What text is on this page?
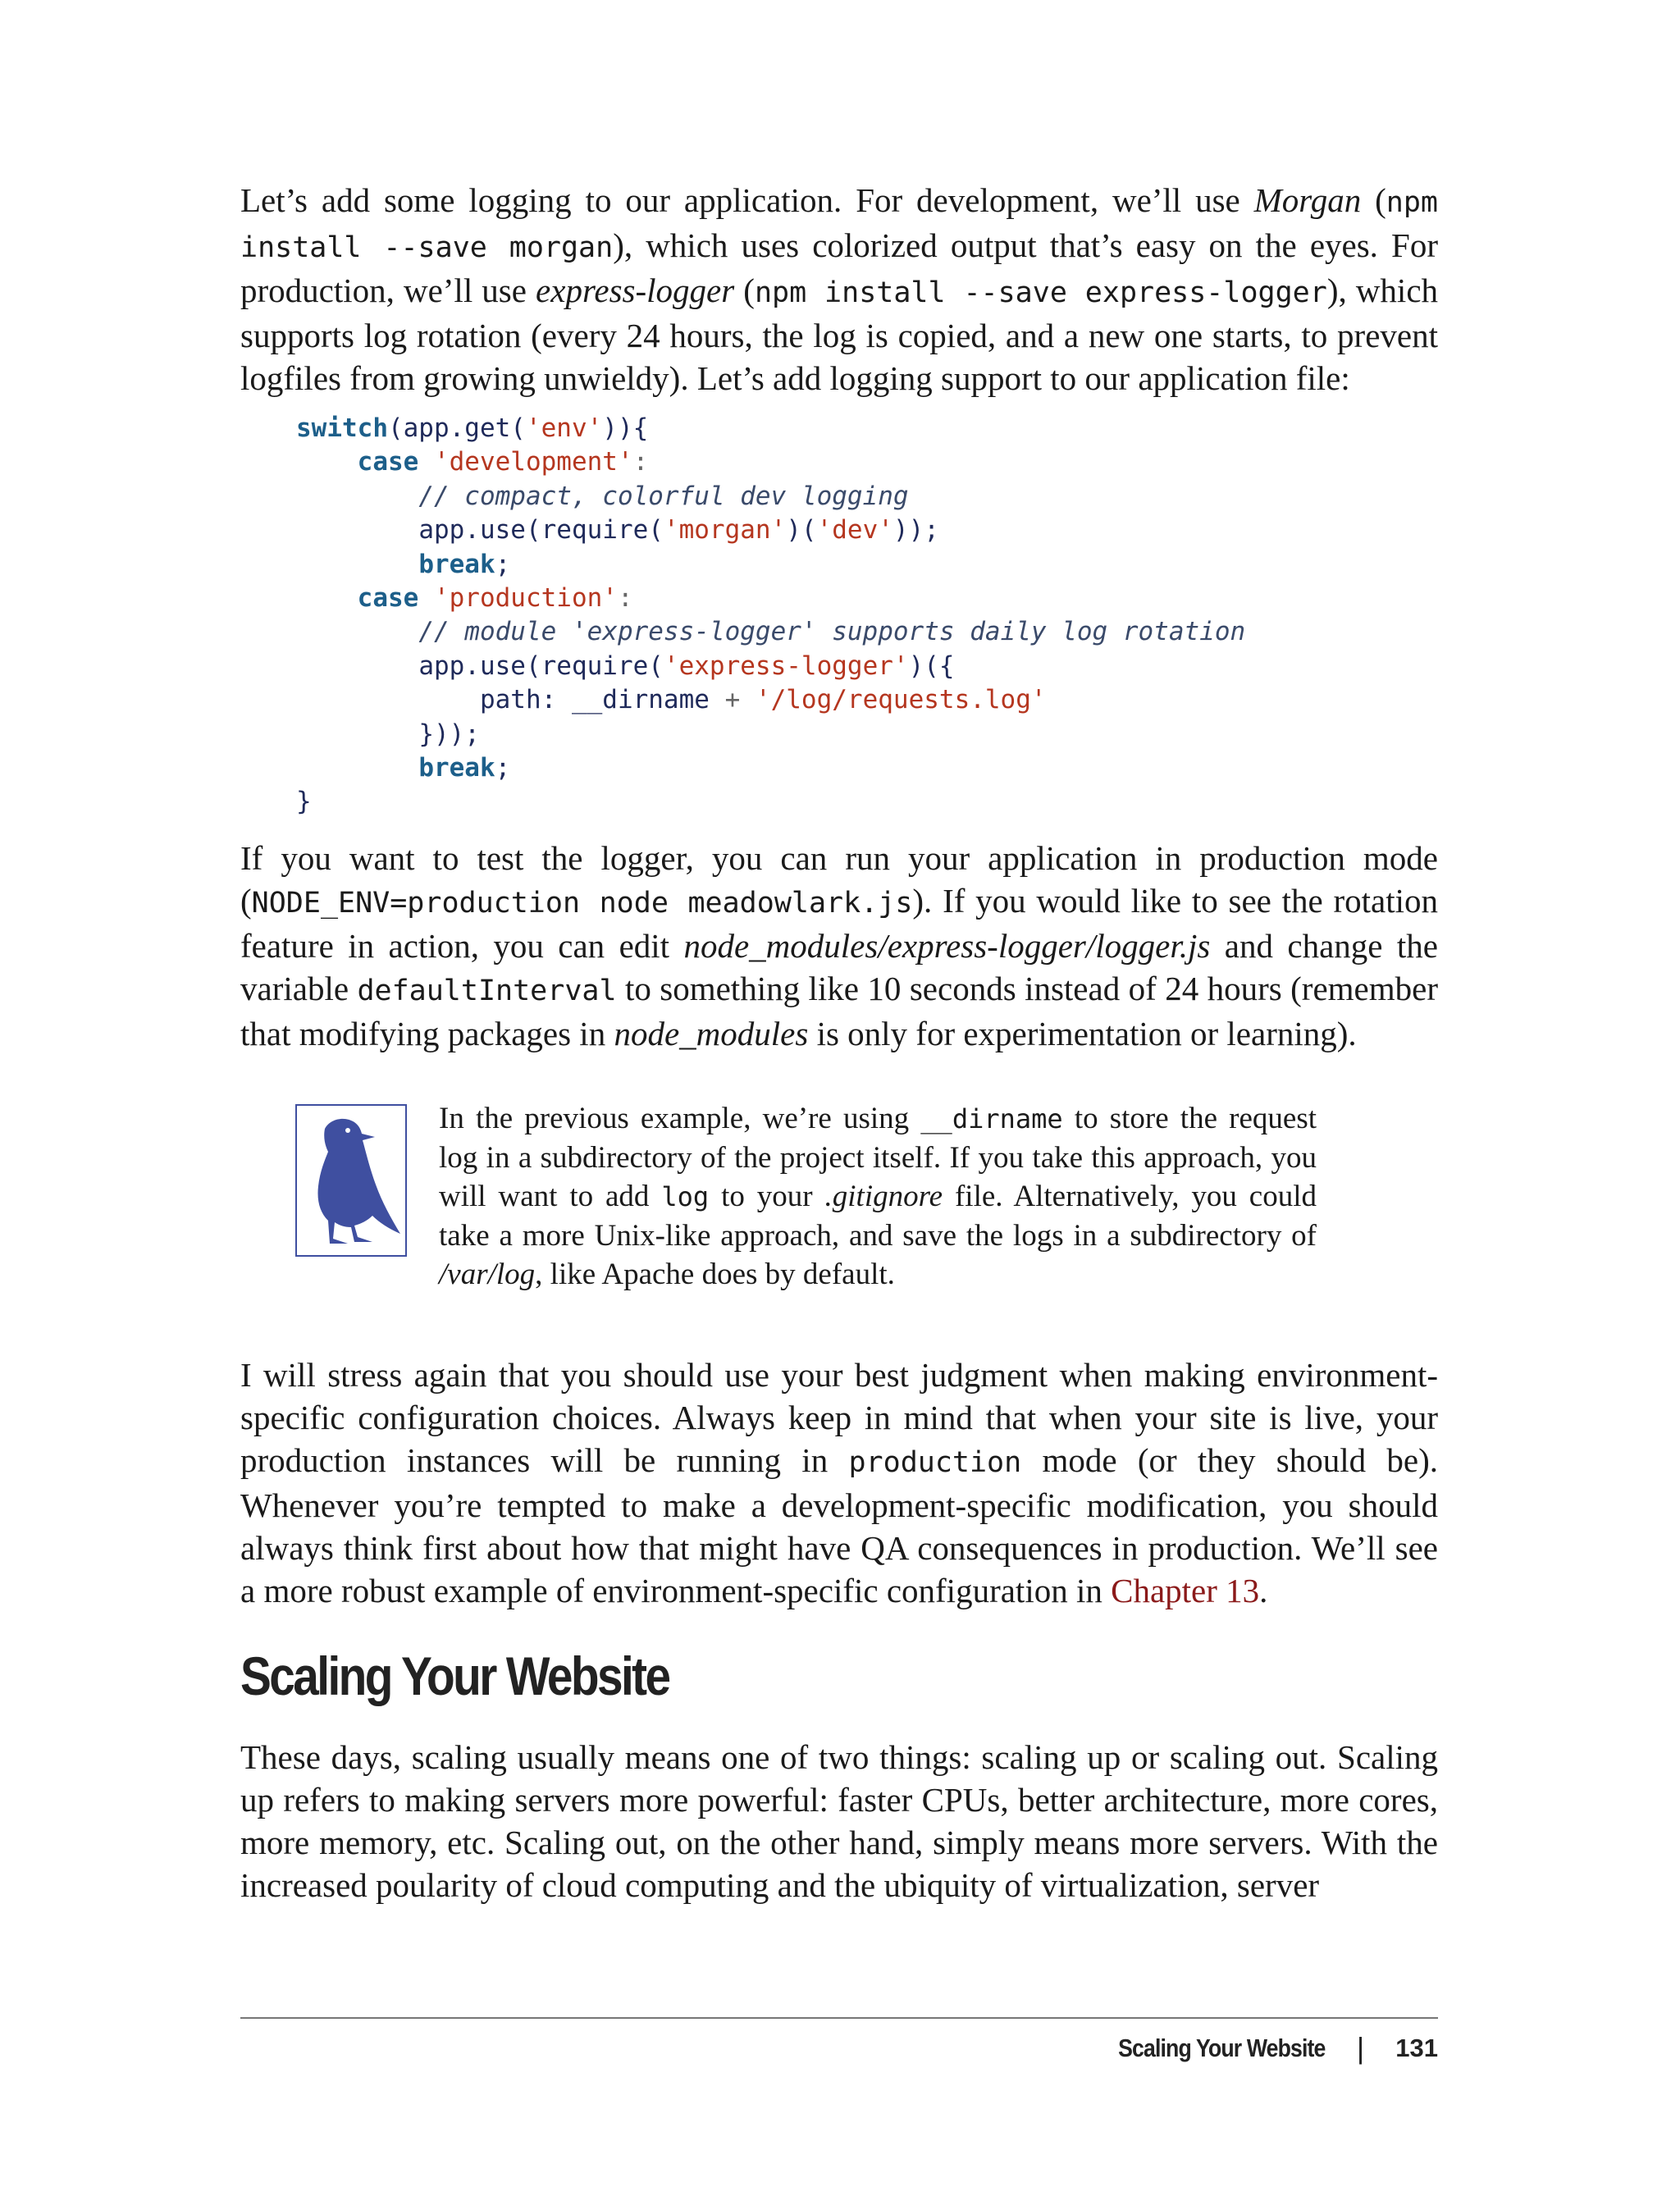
Let’s add some logging to our application. For development, we’ll use Morgan (npm install --save morgan), which uses colorized output that’s easy on the eyes. For production, we’ll use express-logger (npm install --save express-logger), which supports log rotation (every 24 hours, the log is copied, and a new one starts, to prevent logfiles from growing unwieldy). Let’s add logging support to our application file:

switch(app.get('env')){
case 'development':
// compact, colorful dev logging
app.use(require('morgan')('dev'));
break;
case 'production':
// module 'express-logger' supports daily log rotation
app.use(require('express-logger')({
path: __dirname + '/log/requests.log'
}));
break;
}

If you want to test the logger, you can run your application in production mode (NODE_ENV=production node meadowlark.js). If you would like to see the rotation feature in action, you can edit node_modules/express-logger/logger.js and change the variable defaultInterval to something like 10 seconds instead of 24 hours (remember that modifying packages in node_modules is only for experimentation or learning).

In the previous example, we’re using __dirname to store the request log in a subdirectory of the project itself. If you take this approach, you will want to add log to your .gitignore file. Alternatively, you could take a more Unix-like approach, and save the logs in a subdirectory of /var/log, like Apache does by default.

I will stress again that you should use your best judgment when making environment-specific configuration choices. Always keep in mind that when your site is live, your production instances will be running in production mode (or they should be). Whenever you’re tempted to make a development-specific modification, you should always think first about how that might have QA consequences in production. We’ll see a more robust example of environment-specific configuration in Chapter 13.

Scaling Your Website

These days, scaling usually means one of two things: scaling up or scaling out. Scaling up refers to making servers more powerful: faster CPUs, better architecture, more cores, more memory, etc. Scaling out, on the other hand, simply means more servers. With the increased poularity of cloud computing and the ubiquity of virtualization, server

Scaling Your Website | 131
